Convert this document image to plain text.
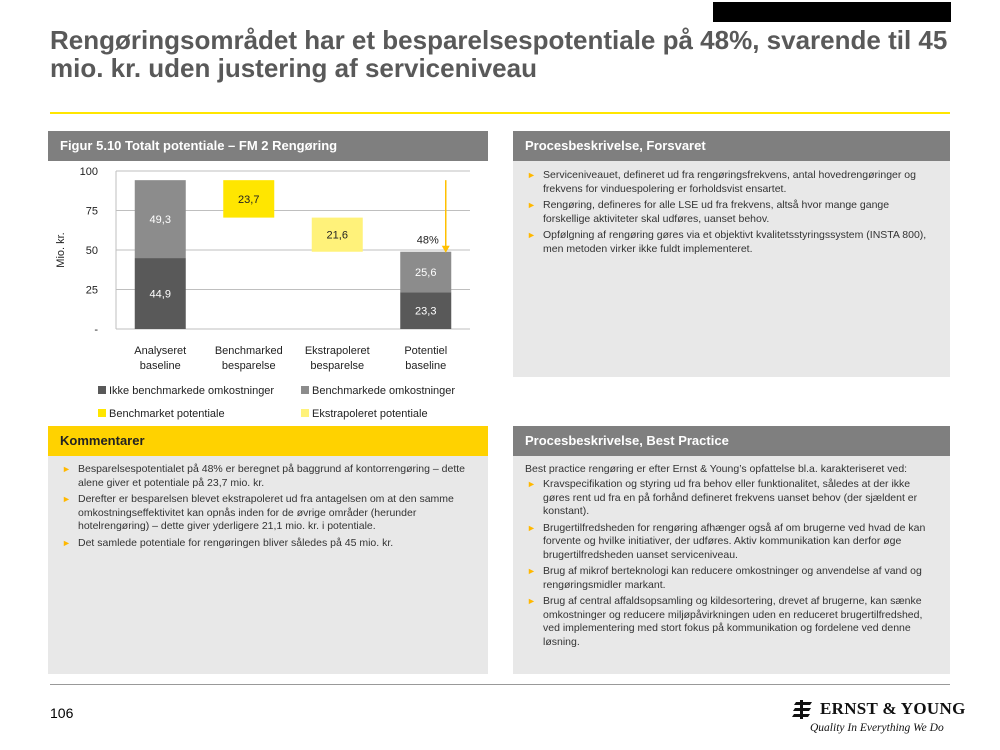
Rengøringsområdet har et besparelsespotentiale på 48%, svarende til 45 mio. kr. uden justering af serviceniveau
Figur 5.10 Totalt potentiale – FM 2 Rengøring
100
75
50
25
-
Mio. kr.
44,9
49,3
Analyseret
baseline
23,7
Benchmarked
besparelse
21,6
Ekstrapoleret
besparelse
23,3
25,6
Potentiel
baseline
48%
Ikke benchmarkede omkostninger	Benchmarkede omkostninger
Benchmarket potentiale	Ekstrapoleret potentiale
Procesbeskrivelse, Forsvaret
► Serviceniveauet, defineret ud fra rengøringsfrekvens, antal hovedrengøringer og frekvens for vinduespolering er forholdsvist ensartet.
► Rengøring, defineres for alle LSE ud fra frekvens, altså hvor mange gange forskellige aktiviteter skal udføres, uanset behov.
► Opfølgning af rengøring gøres via et objektivt kvalitetsstyringssystem (INSTA 800), men metoden virker ikke fuldt implementeret.
Kommentarer
► Besparelsespotentialet på 48% er beregnet på baggrund af kontorrengøring – dette alene giver et potentiale på 23,7 mio. kr.
► Derefter er besparelsen blevet ekstrapoleret ud fra antagelsen om at den samme omkostningseffektivitet kan opnås inden for de øvrige områder (herunder hotelrengøring) – dette giver yderligere 21,1 mio. kr. i potentiale.
► Det samlede potentiale for rengøringen bliver således på 45 mio. kr.
Procesbeskrivelse, Best Practice
Best practice rengøring er efter Ernst & Young’s opfattelse bl.a. karakteriseret ved:
► Kravspecifikation og styring ud fra behov eller funktionalitet, således at der ikke gøres rent ud fra en på forhånd defineret frekvens uanset behov (der sjældent er konstant).
► Brugertilfredsheden for rengøring afhænger også af om brugerne ved hvad de kan forvente og hvilke initiativer, der udføres. Aktiv kommunikation kan derfor øge brugertilfredsheden uanset serviceniveau.
► Brug af mikrof berteknologi kan reducere omkostninger og anvendelse af vand og rengøringsmidler markant.
► Brug af central affaldsopsamling og kildesortering, drevet af brugerne, kan sænke omkostninger og reducere miljøpåvirkningen uden en reduceret brugertilfredshed, ved implementering med stort fokus på kommunikation og fordelene ved denne løsning.
106	ERNST & YOUNG
Quality In Everything We Do
